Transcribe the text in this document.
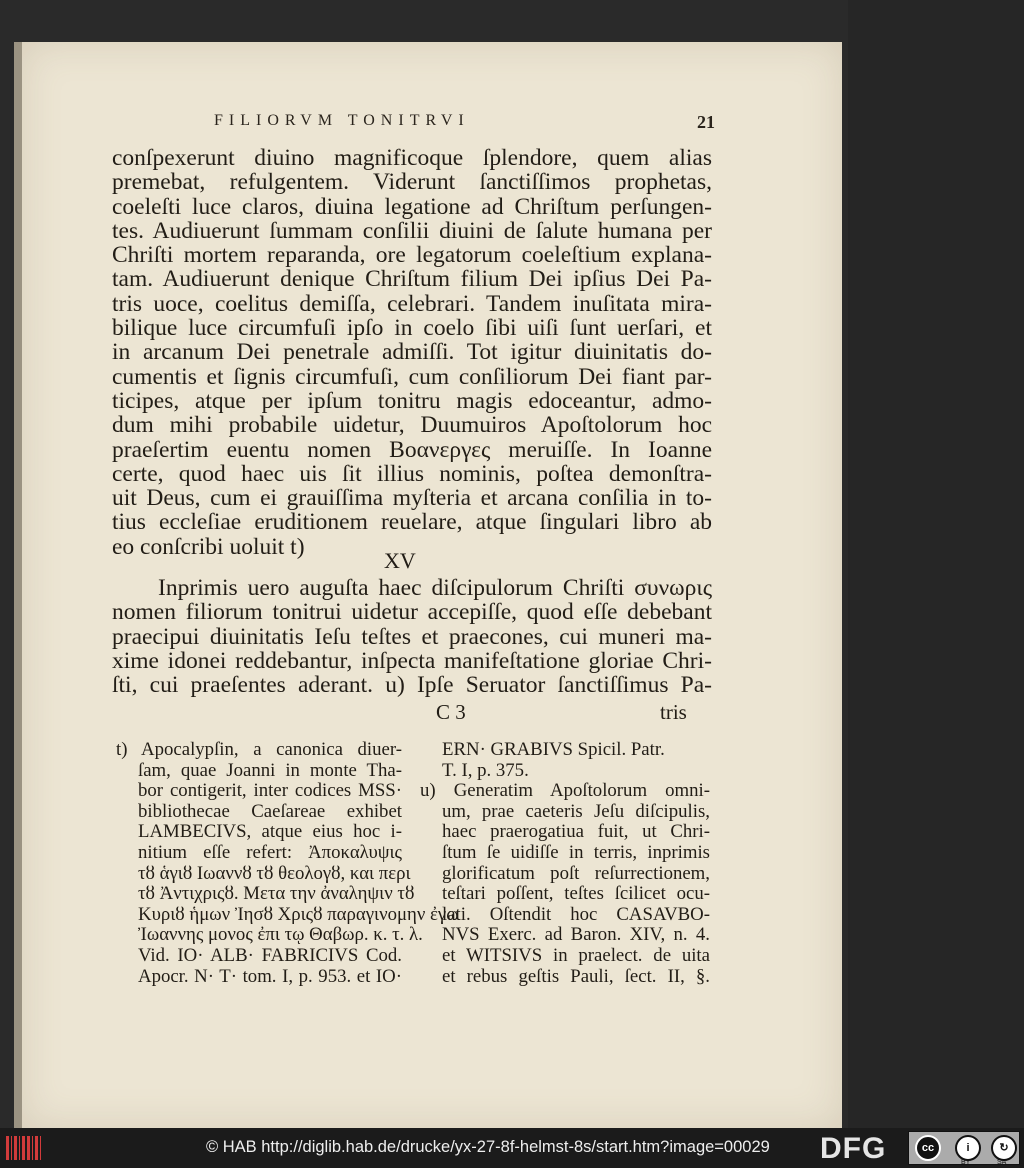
FILIORVM TONITRVI	21
conſpexerunt diuino magnificoque ſplendore, quem alias
premebat, refulgentem. Viderunt ſanctiſſimos prophetas,
coeleſti luce claros, diuina legatione ad Chriſtum perſungen-
tes. Audiuerunt ſummam conſilii diuini de ſalute humana per
Chriſti mortem reparanda, ore legatorum coeleſtium explana-
tam. Audiuerunt denique Chriſtum filium Dei ipſius Dei Pa-
tris uoce, coelitus demiſſa, celebrari. Tandem inuſitata mira-
bilique luce circumfuſi ipſo in coelo ſibi uiſi ſunt uerſari, et
in arcanum Dei penetrale admiſſi. Tot igitur diuinitatis do-
cumentis et ſignis circumfuſi, cum conſiliorum Dei fiant par-
ticipes, atque per ipſum tonitru magis edoceantur, admo-
dum mihi probabile uidetur, Duumuiros Apoſtolorum hoc
praeſertim euentu nomen Βοανεργες meruiſſe. In Ioanne
certe, quod haec uis ſit illius nominis, poſtea demonſtra-
uit Deus, cum ei grauiſſima myſteria et arcana conſilia in to-
tius eccleſiae eruditionem reuelare, atque ſingulari libro ab
eo conſcribi uoluit t)
XV
Inprimis uero auguſta haec diſcipulorum Chriſti συνωρις
nomen filiorum tonitrui uidetur accepiſſe, quod eſſe debebant
praecipui diuinitatis Ieſu teſtes et praecones, cui muneri ma-
xime idonei reddebantur, inſpecta manifeſtatione gloriae Chri-
ſti, cui praeſentes aderant. u) Ipſe Seruator ſanctiſſimus Pa-
C 3	tris
t) Apocalypſin, a canonica diuer-
ſam, quae Joanni in monte Tha-
bor contigerit, inter codices MSS·
bibliothecae Caeſareae exhibet
LAMBECIVS, atque eius hoc i-
nitium eſſe refert: Ἀποκαλυψις
τȣ ἁγιȣ Ιωαννȣ τȣ θεολογȣ, και περι
τȣ Ἀντιχριςȣ. Μετα την ἀναληψιν τȣ
Κυριȣ ἡμων Ἰησȣ Χριςȣ παραγινομην ἐγω
Ἰωαννης μονος ἐπι τῳ Θαβωρ. κ. τ. λ.
Vid. IO· ALB· FABRICIVS Cod.
Apocr. N· T· tom. I, p. 953. et IO·
ERN· GRABIVS Spicil. Patr.
T. I, p. 375.
u) Generatim Apoſtolorum omni-
um, prae caeteris Jeſu diſcipulis,
haec praerogatiua fuit, ut Chri-
ſtum ſe uidiſſe in terris, inprimis
glorificatum poſt reſurrectionem,
teſtari poſſent, teſtes ſcilicet ocu-
lati. Oſtendit hoc CASAVBO-
NVS Exerc. ad Baron. XIV, n. 4.
et WITSIVS in praelect. de uita
et rebus geſtis Pauli, ſect. II, §.
© HAB http://diglib.hab.de/drucke/yx-27-8f-helmst-8s/start.htm?image=00029 DFG	cc	i	↻
BY	SA
